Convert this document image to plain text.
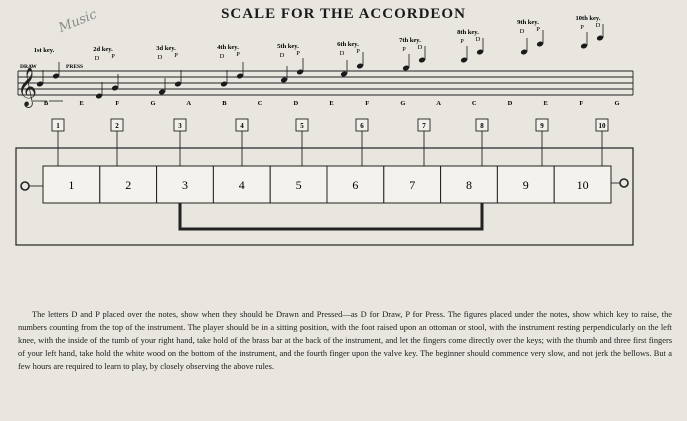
SCALE FOR THE ACCORDEON
Music
𝄞
1st key.	2d key.	3d key.	4th key.	5th key.	6th key.
7th key.
8th key.
9th key.
10th key.
DRAW	PRESS
D P	D P	D P	D P	D P	P D
P D
D P	P D
B	E	F	G	A	B	C	D	E	F	G	A	C	D	E	F	G
1	2	3	4	5	6	7	8	9	10
1	2	3	4	5	6	7	8	9	10

The letters D and P placed over the notes, show when they should be Drawn and Pressed—as D for Draw, P for Press. The figures placed under the notes, show which key to raise, the numbers counting from the top of the instrument. The player should be in a sitting position, with the foot raised upon an ottoman or stool, with the instrument resting perpendicularly on the left knee, with the inside of the tumb of your right hand, take hold of the brass bar at the back of the instrument, and let the fingers come directly over the keys; with the thumb and three first fingers of your left hand, take hold the white wood on the bottom of the instrument, and the fourth finger upon the valve key. The beginner should commence very slow, and not jerk the bellows. But a few hours are required to learn to play, by closely observing the above rules.
